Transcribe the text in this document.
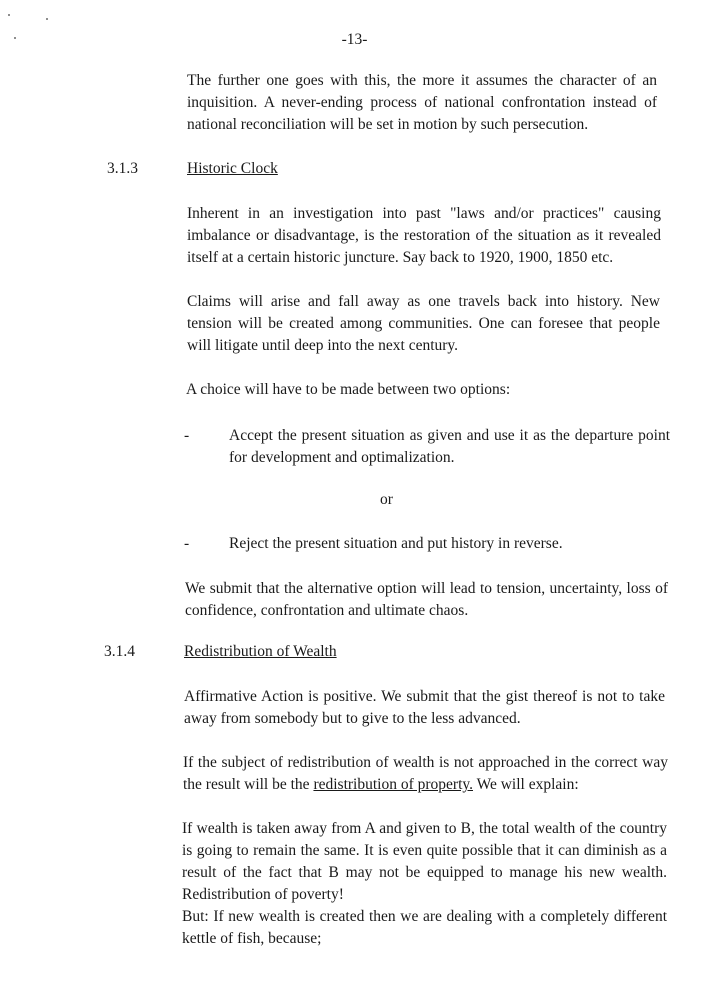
-13-

The further one goes with this, the more it assumes the character of an inquisition. A never-ending process of national confrontation instead of national reconciliation will be set in motion by such persecution.

3.1.3	Historic Clock

Inherent in an investigation into past "laws and/or practices" causing imbalance or disadvantage, is the restoration of the situation as it revealed itself at a certain historic juncture. Say back to 1920, 1900, 1850 etc.

Claims will arise and fall away as one travels back into history. New tension will be created among communities. One can foresee that people will litigate until deep into the next century.

A choice will have to be made between two options:

-	Accept the present situation as given and use it as the departure point for development and optimalization.

or
-	Reject the present situation and put history in reverse.

We submit that the alternative option will lead to tension, uncertainty, loss of confidence, confrontation and ultimate chaos.

3.1.4	Redistribution of Wealth

Affirmative Action is positive. We submit that the gist thereof is not to take away from somebody but to give to the less advanced.

If the subject of redistribution of wealth is not approached in the correct way the result will be the redistribution of property. We will explain:

If wealth is taken away from A and given to B, the total wealth of the country is going to remain the same. It is even quite possible that it can diminish as a result of the fact that B may not be equipped to manage his new wealth. Redistribution of poverty!

But: If new wealth is created then we are dealing with a completely different kettle of fish, because;
